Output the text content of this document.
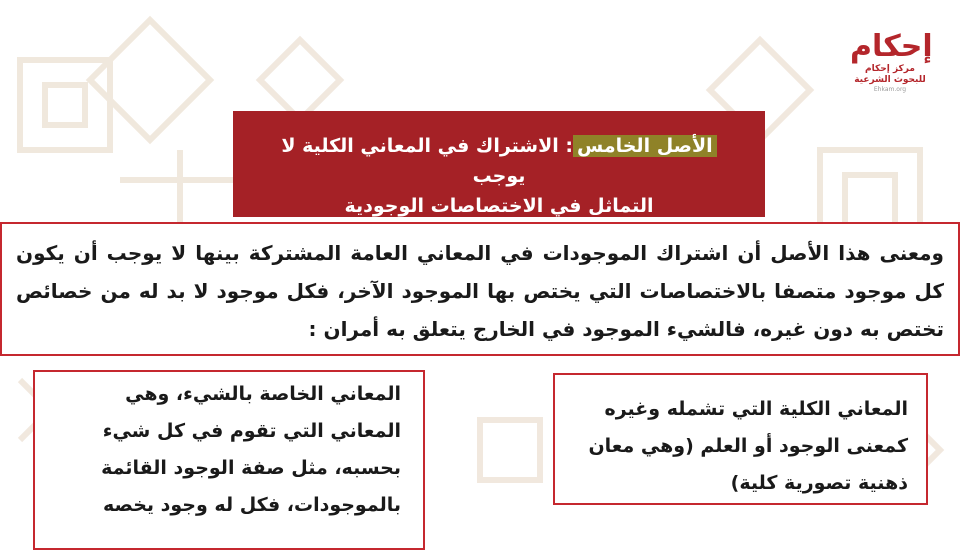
إحكام
مركز إحكام للبحوث الشرعية
Ehkam.org
الأصل الخامس: الاشتراك في المعاني الكلية لا يوجب
التماثل في الاختصاصات الوجودية
ومعنى هذا الأصل أن اشتراك الموجودات في المعاني العامة المشتركة بينها لا يوجب أن يكون كل موجود متصفا بالاختصاصات التي يختص بها الموجود الآخر، فكل موجود لا بد له من خصائص تختص به دون غيره، فالشيء الموجود في الخارج يتعلق به أمران :
المعاني الكلية التي تشمله وغيره كمعنى الوجود أو العلم (وهي معان ذهنية تصورية كلية)
المعاني الخاصة بالشيء، وهي المعاني التي تقوم في كل شيء بحسبه، مثل صفة الوجود القائمة بالموجودات، فكل له وجود يخصه
